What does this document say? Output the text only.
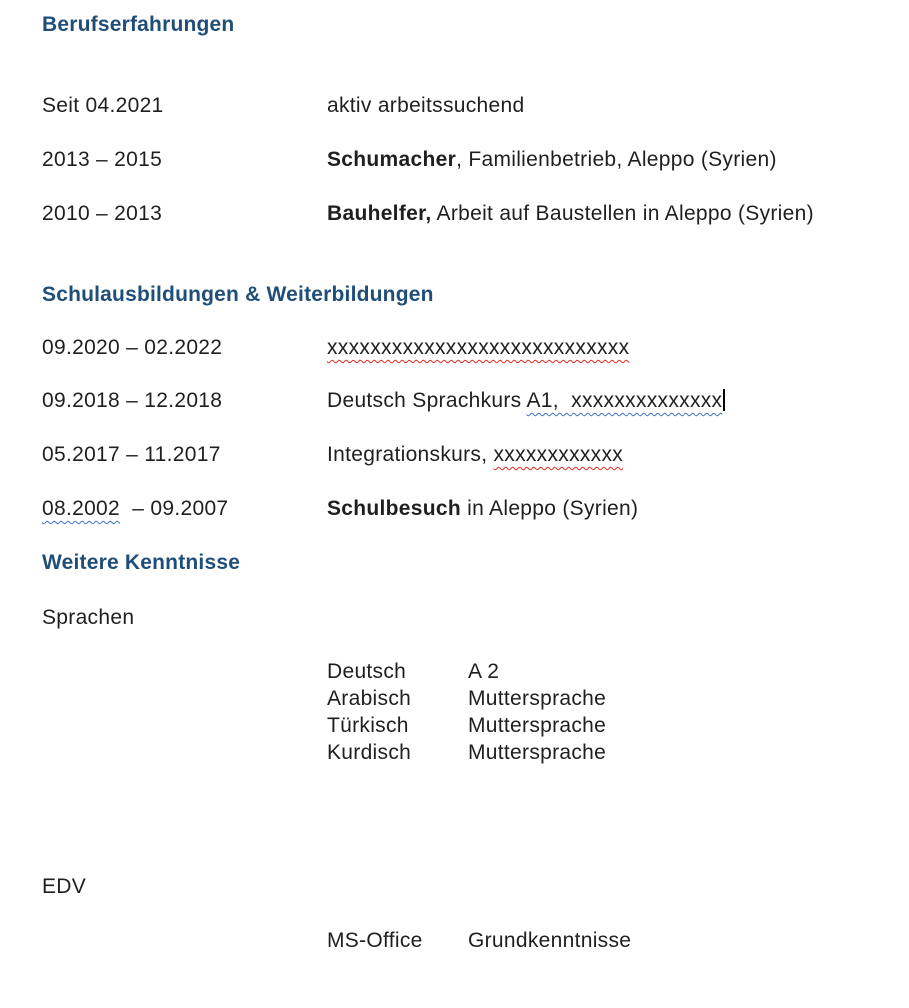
Berufserfahrungen
Seit 04.2021	aktiv arbeitssuchend
2013 – 2015	Schumacher, Familienbetrieb, Aleppo (Syrien)
2010 – 2013	Bauhelfer, Arbeit auf Baustellen in Aleppo (Syrien)
Schulausbildungen & Weiterbildungen
09.2020 – 02.2022	xxxxxxxxxxxxxxxxxxxxxxxxxxxx
09.2018 – 12.2018	Deutsch Sprachkurs A1,  xxxxxxxxxxxxxx
05.2017 – 11.2017	Integrationskurs, xxxxxxxxxxxx
08.2002  – 09.2007	Schulbesuch in Aleppo (Syrien)
Weitere Kenntnisse
Sprachen

Deutsch	A 2
Arabisch	Muttersprache
Türkisch	Muttersprache
Kurdisch	Muttersprache

EDV

MS-Office	Grundkenntnisse
